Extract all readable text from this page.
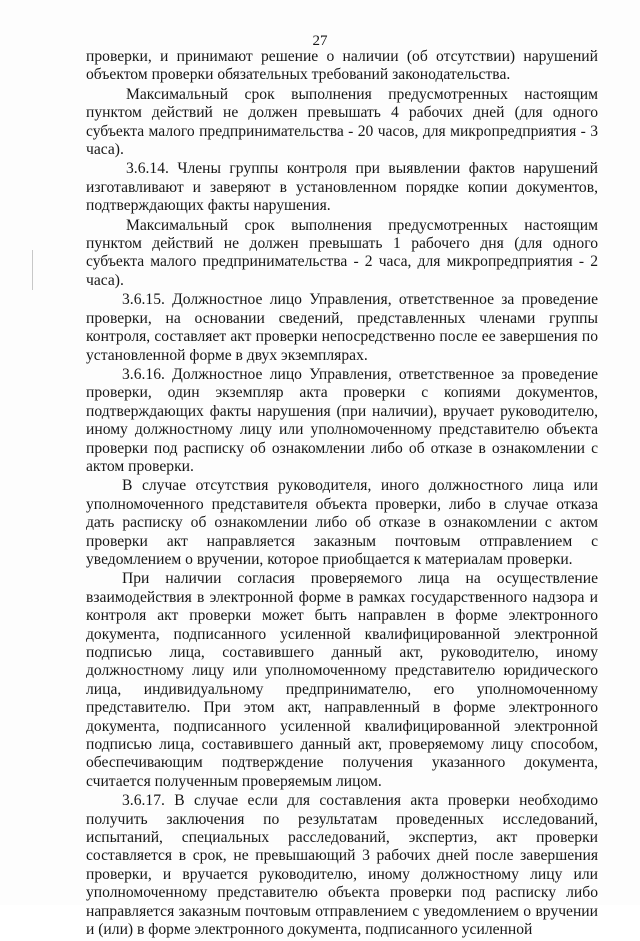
27

проверки, и принимают решение о наличии (об отсутствии) нарушений объектом проверки обязательных требований законодательства.

Максимальный срок выполнения предусмотренных настоящим пунктом действий не должен превышать 4 рабочих дней (для одного субъекта малого предпринимательства - 20 часов, для микропредприятия - 3 часа).

3.6.14. Члены группы контроля при выявлении фактов нарушений изготавливают и заверяют в установленном порядке копии документов, подтверждающих факты нарушения.

Максимальный срок выполнения предусмотренных настоящим пунктом действий не должен превышать 1 рабочего дня (для одного субъекта малого предпринимательства - 2 часа, для микропредприятия - 2 часа).

3.6.15. Должностное лицо Управления, ответственное за проведение проверки, на основании сведений, представленных членами группы контроля, составляет акт проверки непосредственно после ее завершения по установленной форме в двух экземплярах.

3.6.16. Должностное лицо Управления, ответственное за проведение проверки, один экземпляр акта проверки с копиями документов, подтверждающих факты нарушения (при наличии), вручает руководителю, иному должностному лицу или уполномоченному представителю объекта проверки под расписку об ознакомлении либо об отказе в ознакомлении с актом проверки.

В случае отсутствия руководителя, иного должностного лица или уполномоченного представителя объекта проверки, либо в случае отказа дать расписку об ознакомлении либо об отказе в ознакомлении с актом проверки акт направляется заказным почтовым отправлением с уведомлением о вручении, которое приобщается к материалам проверки.

При наличии согласия проверяемого лица на осуществление взаимодействия в электронной форме в рамках государственного надзора и контроля акт проверки может быть направлен в форме электронного документа, подписанного усиленной квалифицированной электронной подписью лица, составившего данный акт, руководителю, иному должностному лицу или уполномоченному представителю юридического лица, индивидуальному предпринимателю, его уполномоченному представителю. При этом акт, направленный в форме электронного документа, подписанного усиленной квалифицированной электронной подписью лица, составившего данный акт, проверяемому лицу способом, обеспечивающим подтверждение получения указанного документа, считается полученным проверяемым лицом.

3.6.17. В случае если для составления акта проверки необходимо получить заключения по результатам проведенных исследований, испытаний, специальных расследований, экспертиз, акт проверки составляется в срок, не превышающий 3 рабочих дней после завершения проверки, и вручается руководителю, иному должностному лицу или уполномоченному представителю объекта проверки под расписку либо направляется заказным почтовым отправлением с уведомлением о вручении и (или) в форме электронного документа, подписанного усиленной
